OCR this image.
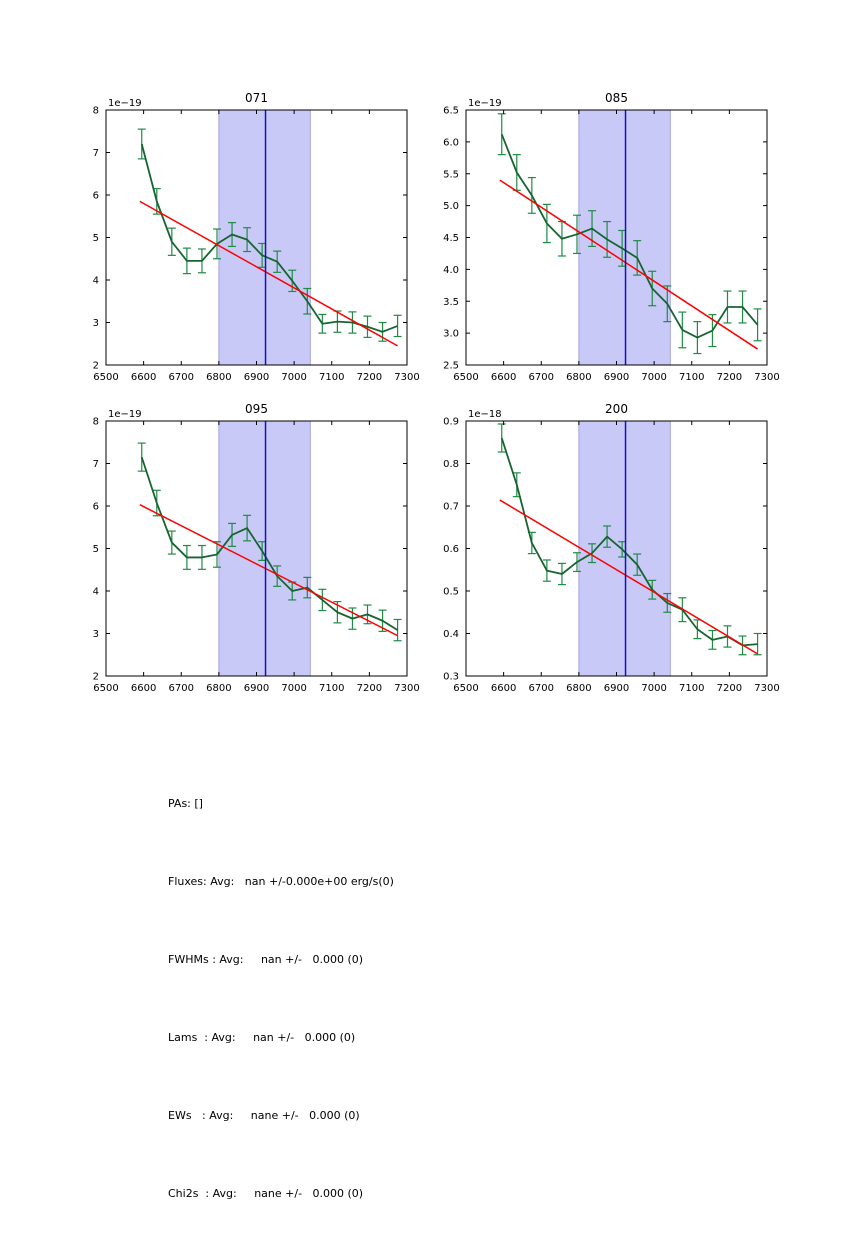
6500 6600 6700 6800 6900 7000 7100 7200 7300
2
3
4
5
6
7
8
071
1e−19
6500 6600 6700 6800 6900 7000 7100 7200 7300
2.5
3.0
3.5
4.0
4.5
5.0
5.5
6.0
6.5
085
1e−19
6500 6600 6700 6800 6900 7000 7100 7200 7300
2
3
4
5
6
7
8
095
1e−19
6500 6600 6700 6800 6900 7000 7100 7200 7300
0.3
0.4
0.5
0.6
0.7
0.8
0.9
200
1e−18

PAs: []

Fluxes: Avg:   nan +/-0.000e+00 erg/s(0)

FWHMs : Avg:     nan +/-   0.000 (0)

Lams  : Avg:     nan +/-   0.000 (0)

EWs   : Avg:     nane +/-   0.000 (0)

Chi2s  : Avg:     nane +/-   0.000 (0)
